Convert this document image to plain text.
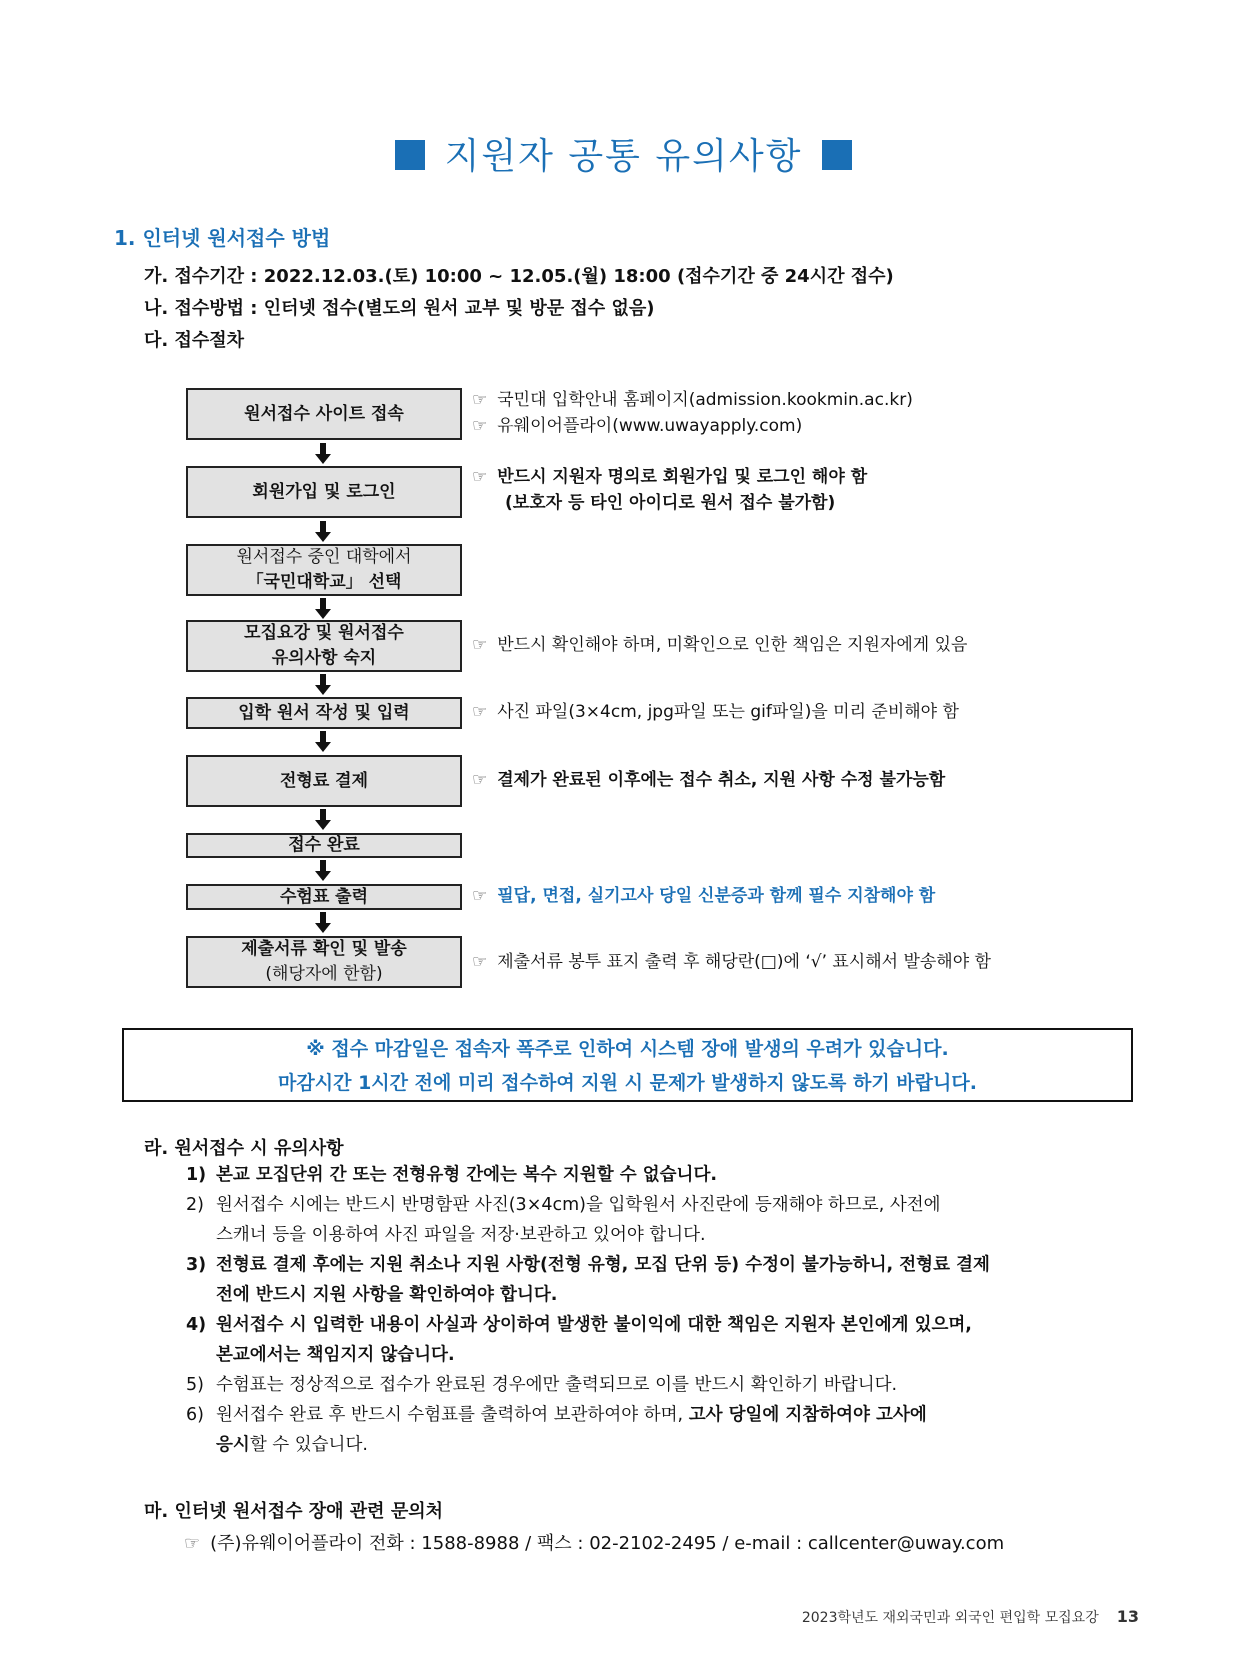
지원자 공통 유의사항
1. 인터넷 원서접수 방법
가. 접수기간 : 2022.12.03.(토) 10:00 ~ 12.05.(월) 18:00 (접수기간 중 24시간 접수)
나. 접수방법 : 인터넷 접수(별도의 원서 교부 및 방문 접수 없음)
다. 접수절차
원서접수 사이트 접속
회원가입 및 로그인
원서접수 중인 대학에서
「국민대학교」 선택
모집요강 및 원서접수
유의사항 숙지
입학 원서 작성 및 입력
전형료 결제
접수 완료
수험표 출력
제출서류 확인 및 발송
(해당자에 한함)
☞ 국민대 입학안내 홈페이지(admission.kookmin.ac.kr)
☞ 유웨이어플라이(www.uwayapply.com)
☞ 반드시 지원자 명의로 회원가입 및 로그인 해야 함
(보호자 등 타인 아이디로 원서 접수 불가함)
☞ 반드시 확인해야 하며, 미확인으로 인한 책임은 지원자에게 있음
☞ 사진 파일(3×4cm, jpg파일 또는 gif파일)을 미리 준비해야 함
☞ 결제가 완료된 이후에는 접수 취소, 지원 사항 수정 불가능함
☞ 필답, 면접, 실기고사 당일 신분증과 함께 필수 지참해야 함
☞ 제출서류 봉투 표지 출력 후 해당란(□)에 ‘√’ 표시해서 발송해야 함
※ 접수 마감일은 접속자 폭주로 인하여 시스템 장애 발생의 우려가 있습니다.
마감시간 1시간 전에 미리 접수하여 지원 시 문제가 발생하지 않도록 하기 바랍니다.
라. 원서접수 시 유의사항
1) 본교 모집단위 간 또는 전형유형 간에는 복수 지원할 수 없습니다.
2) 원서접수 시에는 반드시 반명함판 사진(3×4cm)을 입학원서 사진란에 등재해야 하므로, 사전에
스캐너 등을 이용하여 사진 파일을 저장·보관하고 있어야 합니다.
3) 전형료 결제 후에는 지원 취소나 지원 사항(전형 유형, 모집 단위 등) 수정이 불가능하니, 전형료 결제
전에 반드시 지원 사항을 확인하여야 합니다.
4) 원서접수 시 입력한 내용이 사실과 상이하여 발생한 불이익에 대한 책임은 지원자 본인에게 있으며,
본교에서는 책임지지 않습니다.
5) 수험표는 정상적으로 접수가 완료된 경우에만 출력되므로 이를 반드시 확인하기 바랍니다.
6) 원서접수 완료 후 반드시 수험표를 출력하여 보관하여야 하며, 고사 당일에 지참하여야 고사에
응시할 수 있습니다.
마. 인터넷 원서접수 장애 관련 문의처
☞ (주)유웨이어플라이 전화 : 1588-8988 / 팩스 : 02-2102-2495 / e-mail : callcenter@uway.com
2023학년도 재외국민과 외국인 편입학 모집요강 13
